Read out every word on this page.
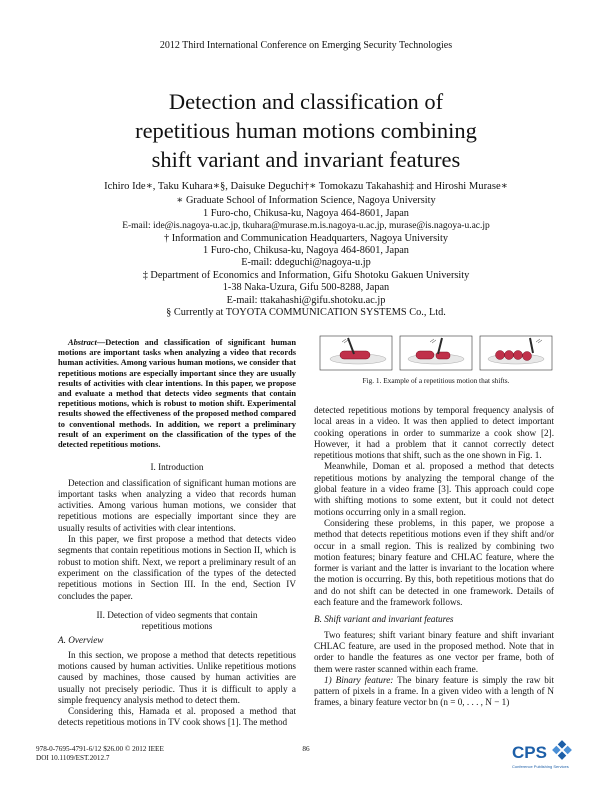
2012 Third International Conference on Emerging Security Technologies
Detection and classification of
repetitious human motions combining
shift variant and invariant features
Ichiro Ide∗, Taku Kuhara∗§, Daisuke Deguchi†∗ Tomokazu Takahashi‡ and Hiroshi Murase∗
∗ Graduate School of Information Science, Nagoya University
1 Furo-cho, Chikusa-ku, Nagoya 464-8601, Japan
E-mail: ide@is.nagoya-u.ac.jp, tkuhara@murase.m.is.nagoya-u.ac.jp, murase@is.nagoya-u.ac.jp
† Information and Communication Headquarters, Nagoya University
1 Furo-cho, Chikusa-ku, Nagoya 464-8601, Japan
E-mail: ddeguchi@nagoya-u.jp
‡ Department of Economics and Information, Gifu Shotoku Gakuen University
1-38 Naka-Uzura, Gifu 500-8288, Japan
E-mail: ttakahashi@gifu.shotoku.ac.jp
§ Currently at TOYOTA COMMUNICATION SYSTEMS Co., Ltd.

Abstract—Detection and classification of significant human motions are important tasks when analyzing a video that records human activities. Among various human motions, we consider that repetitious motions are especially important since they are usually results of activities with clear intentions. In this paper, we propose and evaluate a method that detects video segments that contain repetitious motions, which is robust to motion shift. Experimental results showed the effectiveness of the proposed method compared to conventional methods. In addition, we report a preliminary result of an experiment on the classification of the types of the detected repetitious motions.

I. Introduction

Detection and classification of significant human motions are important tasks when analyzing a video that records human activities. Among various human motions, we consider that repetitious motions are especially important since they are usually results of activities with clear intentions.

In this paper, we first propose a method that detects video segments that contain repetitious motions in Section II, which is robust to motion shift. Next, we report a preliminary result of an experiment on the classification of the types of the detected repetitious motions in Section III. In the end, Section IV concludes the paper.

II. Detection of video segments that contain

repetitious motions

A. Overview

In this section, we propose a method that detects repetitious motions caused by human activities. Unlike repetitious motions caused by machines, those caused by human activities are usually not precisely periodic. Thus it is difficult to apply a simple frequency analysis method to detect them.

Considering this, Hamada et al. proposed a method that detects repetitious motions in TV cook shows [1]. The method

Fig. 1. Example of a repetitious motion that shifts.

detected repetitious motions by temporal frequency analysis of local areas in a video. It was then applied to detect important cooking operations in order to summarize a cook show [2]. However, it had a problem that it cannot correctly detect repetitious motions that shift, such as the one shown in Fig. 1.

Meanwhile, Doman et al. proposed a method that detects repetitious motions by analyzing the temporal change of the global feature in a video frame [3]. This approach could cope with shifting motions to some extent, but it could not detect motions occurring only in a small region.

Considering these problems, in this paper, we propose a method that detects repetitious motions even if they shift and/or occur in a small region. This is realized by combining two motion features; binary feature and CHLAC feature, where the former is variant and the latter is invariant to the location where the motion is occurring. By this, both repetitious motions that do and do not shift can be detected in one framework. Details of each feature and the framework follows.

B. Shift variant and invariant features

Two features; shift variant binary feature and shift invariant CHLAC feature, are used in the proposed method. Note that in order to handle the features as one vector per frame, both of them were raster scanned within each frame.

1) Binary feature: The binary feature is simply the raw bit pattern of pixels in a frame. In a given video with a length of N frames, a binary feature vector bn (n = 0, . . . , N − 1)

978-0-7695-4791-6/12 $26.00 © 2012 IEEE
DOI 10.1109/EST.2012.7
86	CPS
Conference Publishing Services
